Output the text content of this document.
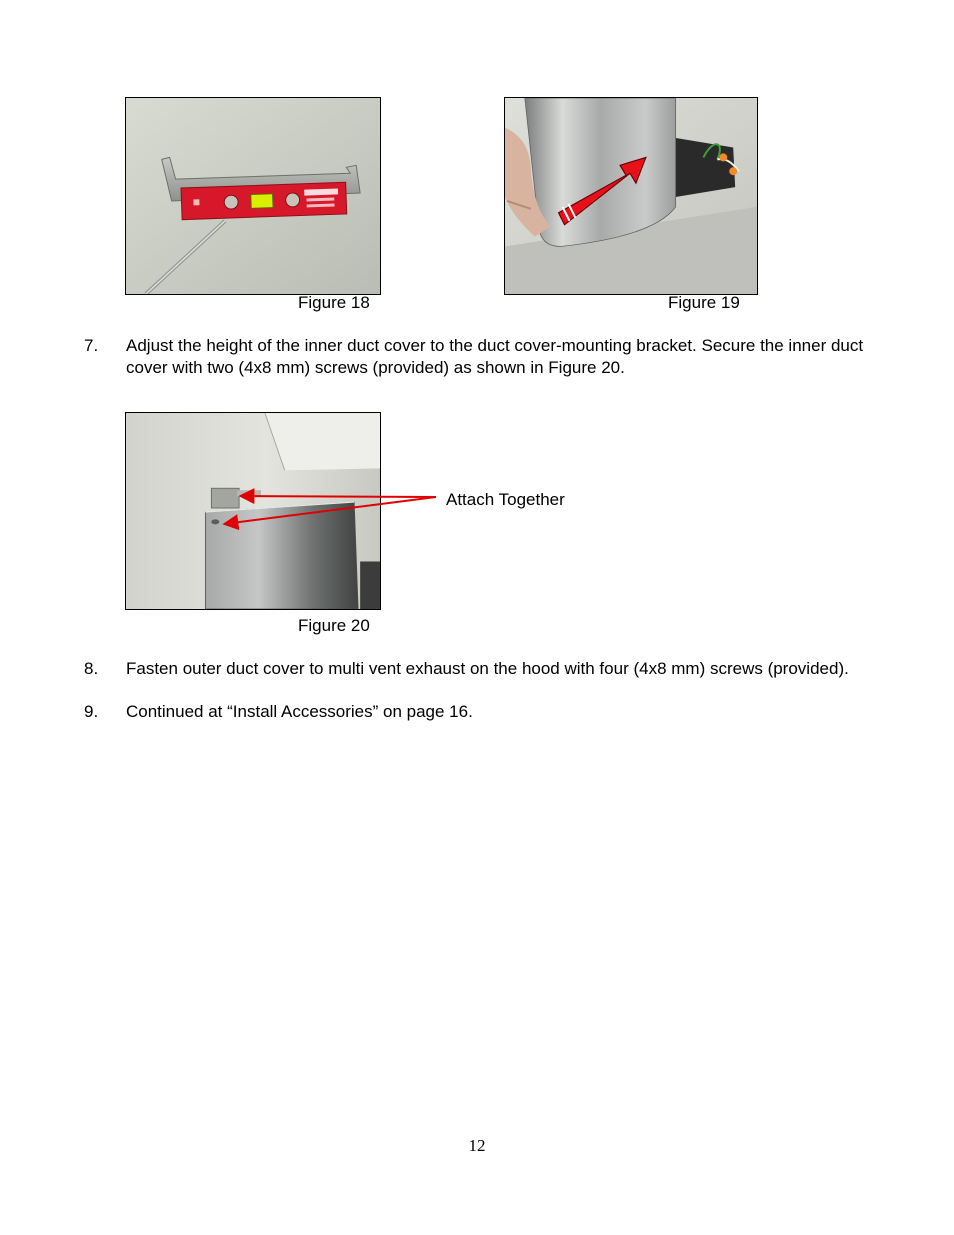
Figure 18	Figure 19
7. Adjust the height of the inner duct cover to the duct cover-mounting bracket. Secure the inner duct cover with two (4x8 mm) screws (provided) as shown in Figure 20.
Figure 20
Attach Together
8. Fasten outer duct cover to multi vent exhaust on the hood with four (4x8 mm) screws (provided).
9. Continued at “Install Accessories” on page 16.
12
